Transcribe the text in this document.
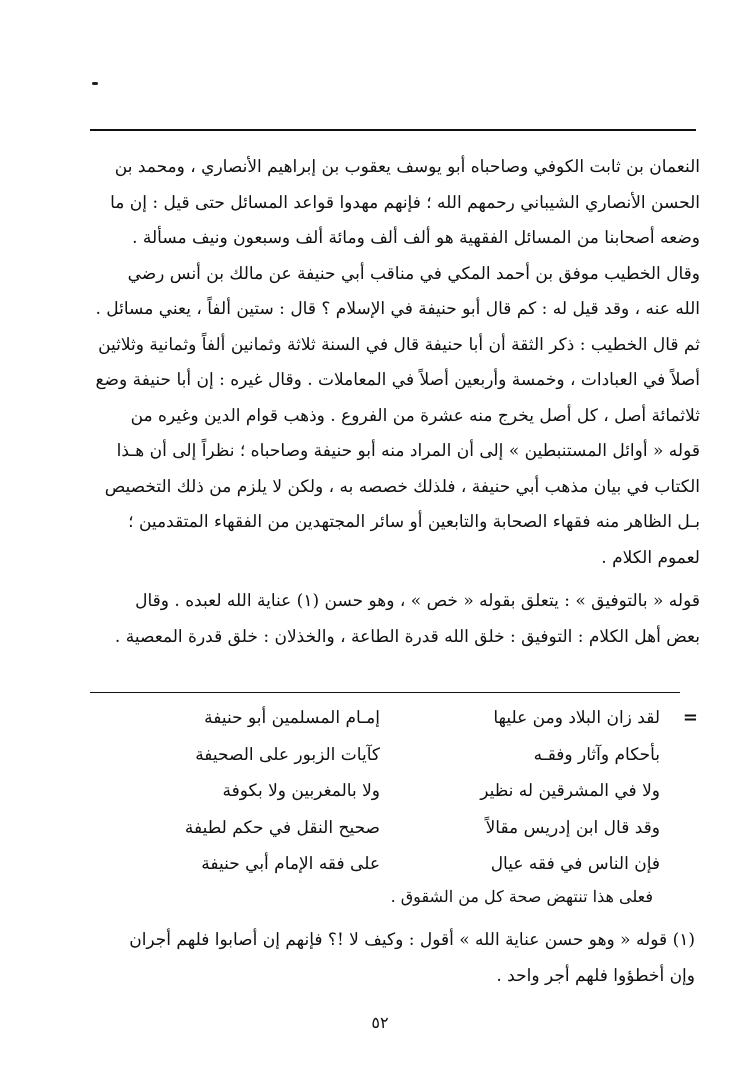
النعمان بن ثابت الكوفي وصاحباه أبو يوسف يعقوب بن إبراهيم الأنصاري ، ومحمد بن

الحسن الأنصاري الشيباني رحمهم الله ؛ فإنهم مهدوا قواعد المسائل حتى قيل : إن ما

وضعه أصحابنا من المسائل الفقهية هو ألف ألف ومائة ألف وسبعون ونيف مسألة .

وقال الخطيب موفق بن أحمد المكي في مناقب أبي حنيفة عن مالك بن أنس رضي

الله عنه ، وقد قيل له : كم قال أبو حنيفة في الإسلام ؟ قال : ستين ألفاً ، يعني مسائل .

ثم قال الخطيب : ذكر الثقة أن أبا حنيفة قال في السنة ثلاثة وثمانين ألفاً وثمانية وثلاثين

أصلاً في العبادات ، وخمسة وأربعين أصلاً في المعاملات . وقال غيره : إن أبا حنيفة وضع

ثلاثمائة أصل ، كل أصل يخرج منه عشرة من الفروع . وذهب قوام الدين وغيره من

قوله « أوائل المستنبطين » إلى أن المراد منه أبو حنيفة وصاحباه ؛ نظراً إلى أن هـذا

الكتاب في بيان مذهب أبي حنيفة ، فلذلك خصصه به ، ولكن لا يلزم من ذلك التخصيص

بـل الظاهر منه فقهاء الصحابة والتابعين أو سائر المجتهدين من الفقهاء المتقدمين ؛

لعموم الكلام .

قوله « بالتوفيق » : يتعلق بقوله « خص » ، وهو حسن (١) عناية الله لعبده . وقال

بعض أهل الكلام : التوفيق : خلق الله قدرة الطاعة ، والخذلان : خلق قدرة المعصية .

=
لقد زان البلاد ومن عليها
إمـام المسلمين أبو حنيفة
بأحكام وآثار وفقـه
كآيات الزبور على الصحيفة
ولا في المشرقين له نظير
ولا بالمغربين ولا بكوفة
وقد قال ابن إدريس مقالاً
صحيح النقل في حكم لطيفة
فإن الناس في فقه عيال
على فقه الإمام أبي حنيفة
فعلى هذا تنتهض صحة كل من الشقوق .

(١) قوله « وهو حسن عناية الله » أقول : وكيف لا !؟ فإنهم إن أصابوا فلهم أجران

وإن أخطؤوا فلهم أجر واحد .

٥٢
